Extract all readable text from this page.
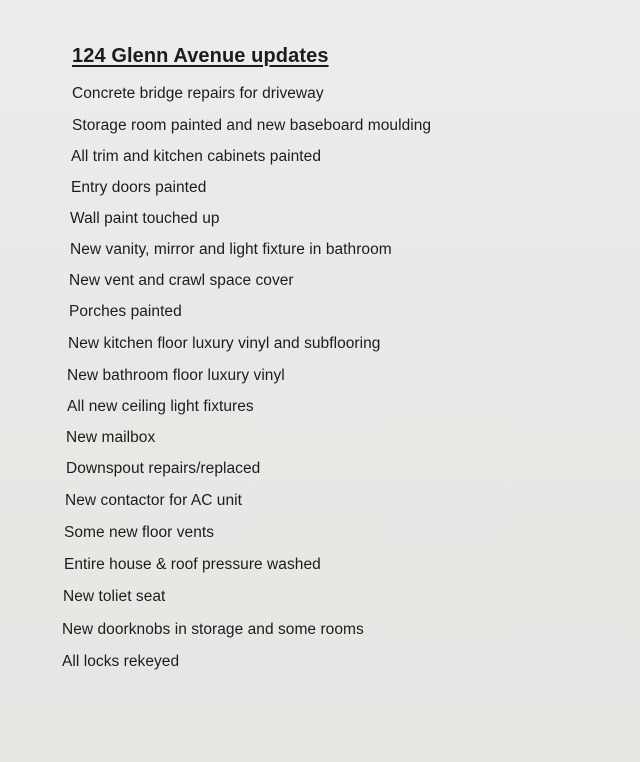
124 Glenn Avenue updates
Concrete bridge repairs for driveway
Storage room painted and new baseboard moulding
All trim and kitchen cabinets painted
Entry doors painted
Wall paint touched up
New vanity, mirror and light fixture in bathroom
New vent and crawl space cover
Porches painted
New kitchen floor luxury vinyl and subflooring
New bathroom floor luxury vinyl
All new ceiling light fixtures
New mailbox
Downspout repairs/replaced
New contactor for AC unit
Some new floor vents
Entire house & roof pressure washed
New toliet seat
New doorknobs in storage and some rooms
All locks rekeyed
